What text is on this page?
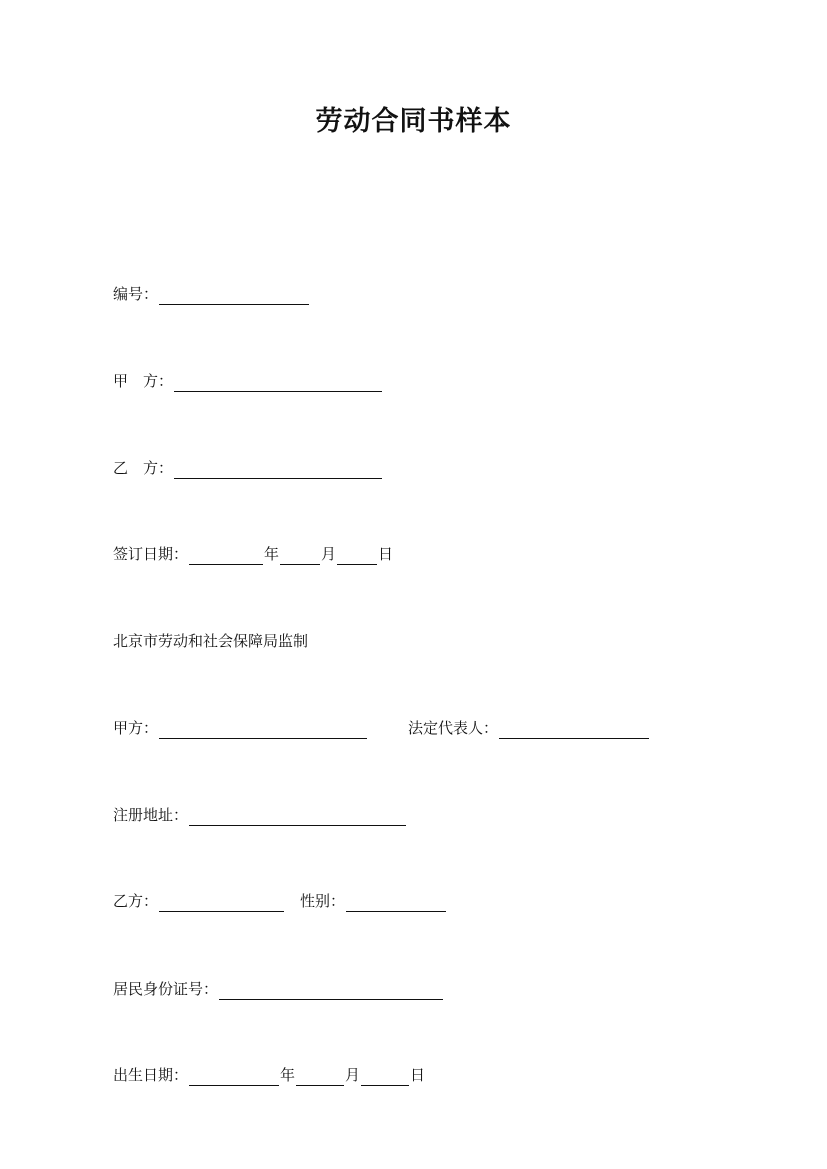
劳动合同书样本
编号：
甲　方：
乙　方：
签订日期：	年	月	日
北京市劳动和社会保障局监制
甲方：	法定代表人：
注册地址：
乙方：	性别：
居民身份证号：
出生日期：	年	月	日
